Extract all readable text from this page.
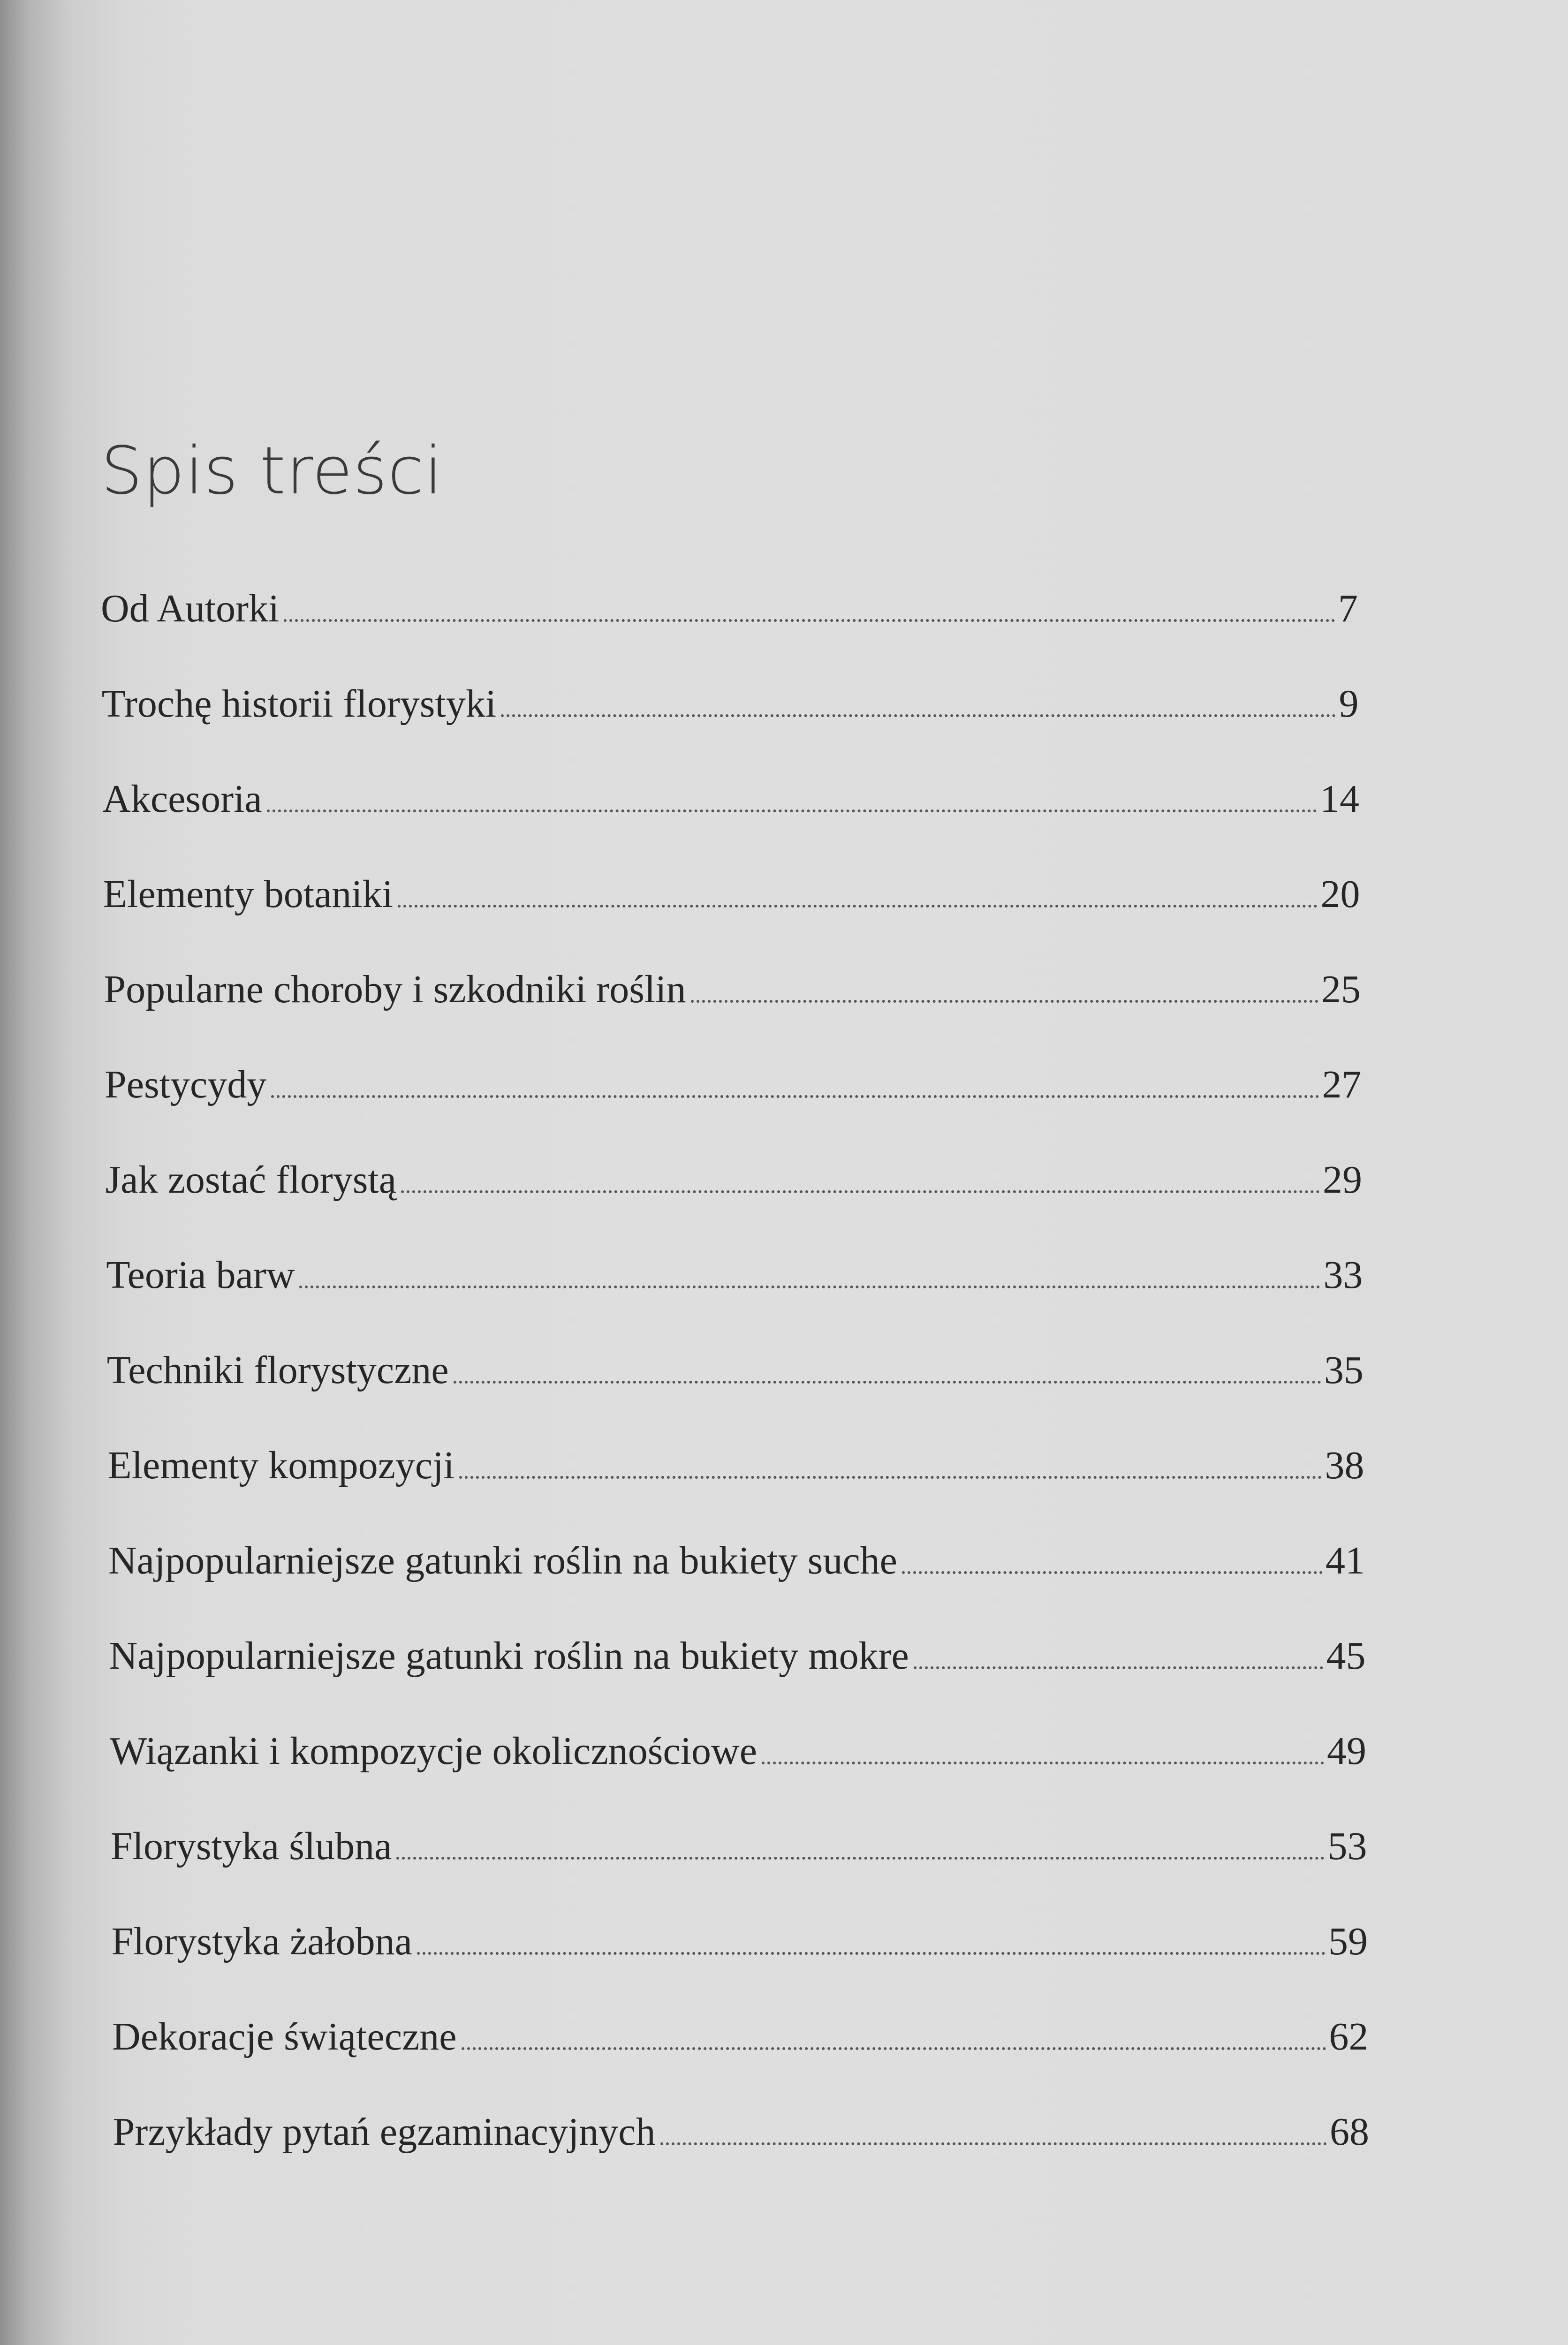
Spis treści
Od Autorki	7
Trochę historii florystyki	9
Akcesoria	14
Elementy botaniki	20
Popularne choroby i szkodniki roślin	25
Pestycydy	27
Jak zostać florystą	29
Teoria barw	33
Techniki florystyczne	35
Elementy kompozycji	38
Najpopularniejsze gatunki roślin na bukiety suche	41
Najpopularniejsze gatunki roślin na bukiety mokre	45
Wiązanki i kompozycje okolicznościowe	49
Florystyka ślubna	53
Florystyka żałobna	59
Dekoracje świąteczne	62
Przykłady pytań egzaminacyjnych	68
